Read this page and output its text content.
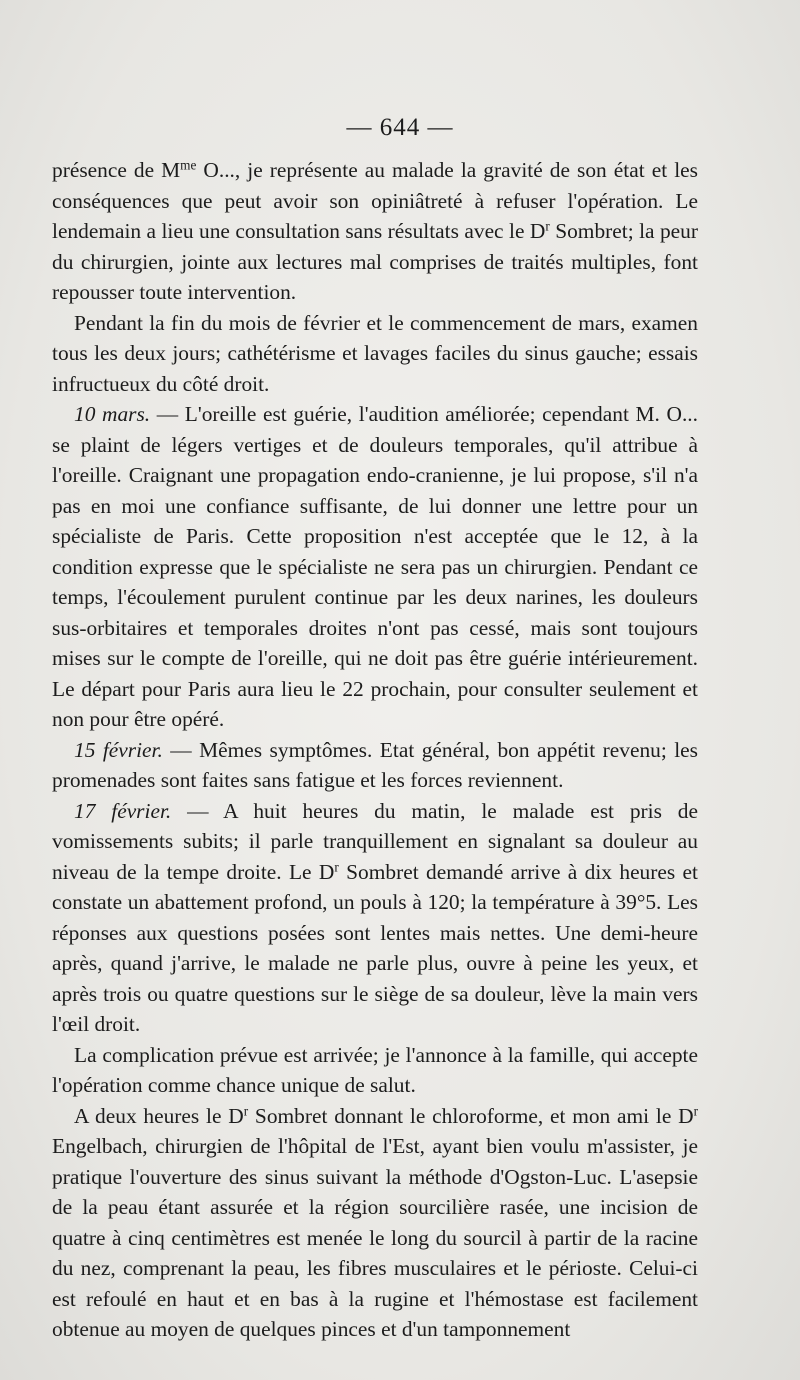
— 644 —

présence de $M^{me}$ O..., je représente au malade la gravité de son état et les conséquences que peut avoir son opiniâtreté à refuser l'opération. Le lendemain a lieu une consultation sans résultats avec le $D^r$ Sombret; la peur du chirurgien, jointe aux lectures mal comprises de traités multiples, font repousser toute intervention.

Pendant la fin du mois de février et le commencement de mars, examen tous les deux jours; cathétérisme et lavages faciles du sinus gauche; essais infructueux du côté droit.

10 mars. — L'oreille est guérie, l'audition améliorée; cependant M. O... se plaint de légers vertiges et de douleurs temporales, qu'il attribue à l'oreille. Craignant une propagation endo-cranienne, je lui propose, s'il n'a pas en moi une confiance suffisante, de lui donner une lettre pour un spécialiste de Paris. Cette proposition n'est acceptée que le 12, à la condition expresse que le spécialiste ne sera pas un chirurgien. Pendant ce temps, l'écoulement purulent continue par les deux narines, les douleurs sus-orbitaires et temporales droites n'ont pas cessé, mais sont toujours mises sur le compte de l'oreille, qui ne doit pas être guérie intérieurement. Le départ pour Paris aura lieu le 22 prochain, pour consulter seulement et non pour être opéré.

15 février. — Mêmes symptômes. Etat général, bon appétit revenu; les promenades sont faites sans fatigue et les forces reviennent.

17 février. — A huit heures du matin, le malade est pris de vomissements subits; il parle tranquillement en signalant sa douleur au niveau de la tempe droite. Le $D^r$ Sombret demandé arrive à dix heures et constate un abattement profond, un pouls à 120; la température à 39°5. Les réponses aux questions posées sont lentes mais nettes. Une demi-heure après, quand j'arrive, le malade ne parle plus, ouvre à peine les yeux, et après trois ou quatre questions sur le siège de sa douleur, lève la main vers l'œil droit.

La complication prévue est arrivée; je l'annonce à la famille, qui accepte l'opération comme chance unique de salut.

A deux heures le $D^r$ Sombret donnant le chloroforme, et mon ami le $D^r$ Engelbach, chirurgien de l'hôpital de l'Est, ayant bien voulu m'assister, je pratique l'ouverture des sinus suivant la méthode d'Ogston-Luc. L'asepsie de la peau étant assurée et la région sourcilière rasée, une incision de quatre à cinq centimètres est menée le long du sourcil à partir de la racine du nez, comprenant la peau, les fibres musculaires et le périoste. Celui-ci est refoulé en haut et en bas à la rugine et l'hémostase est facilement obtenue au moyen de quelques pinces et d'un tamponnement
